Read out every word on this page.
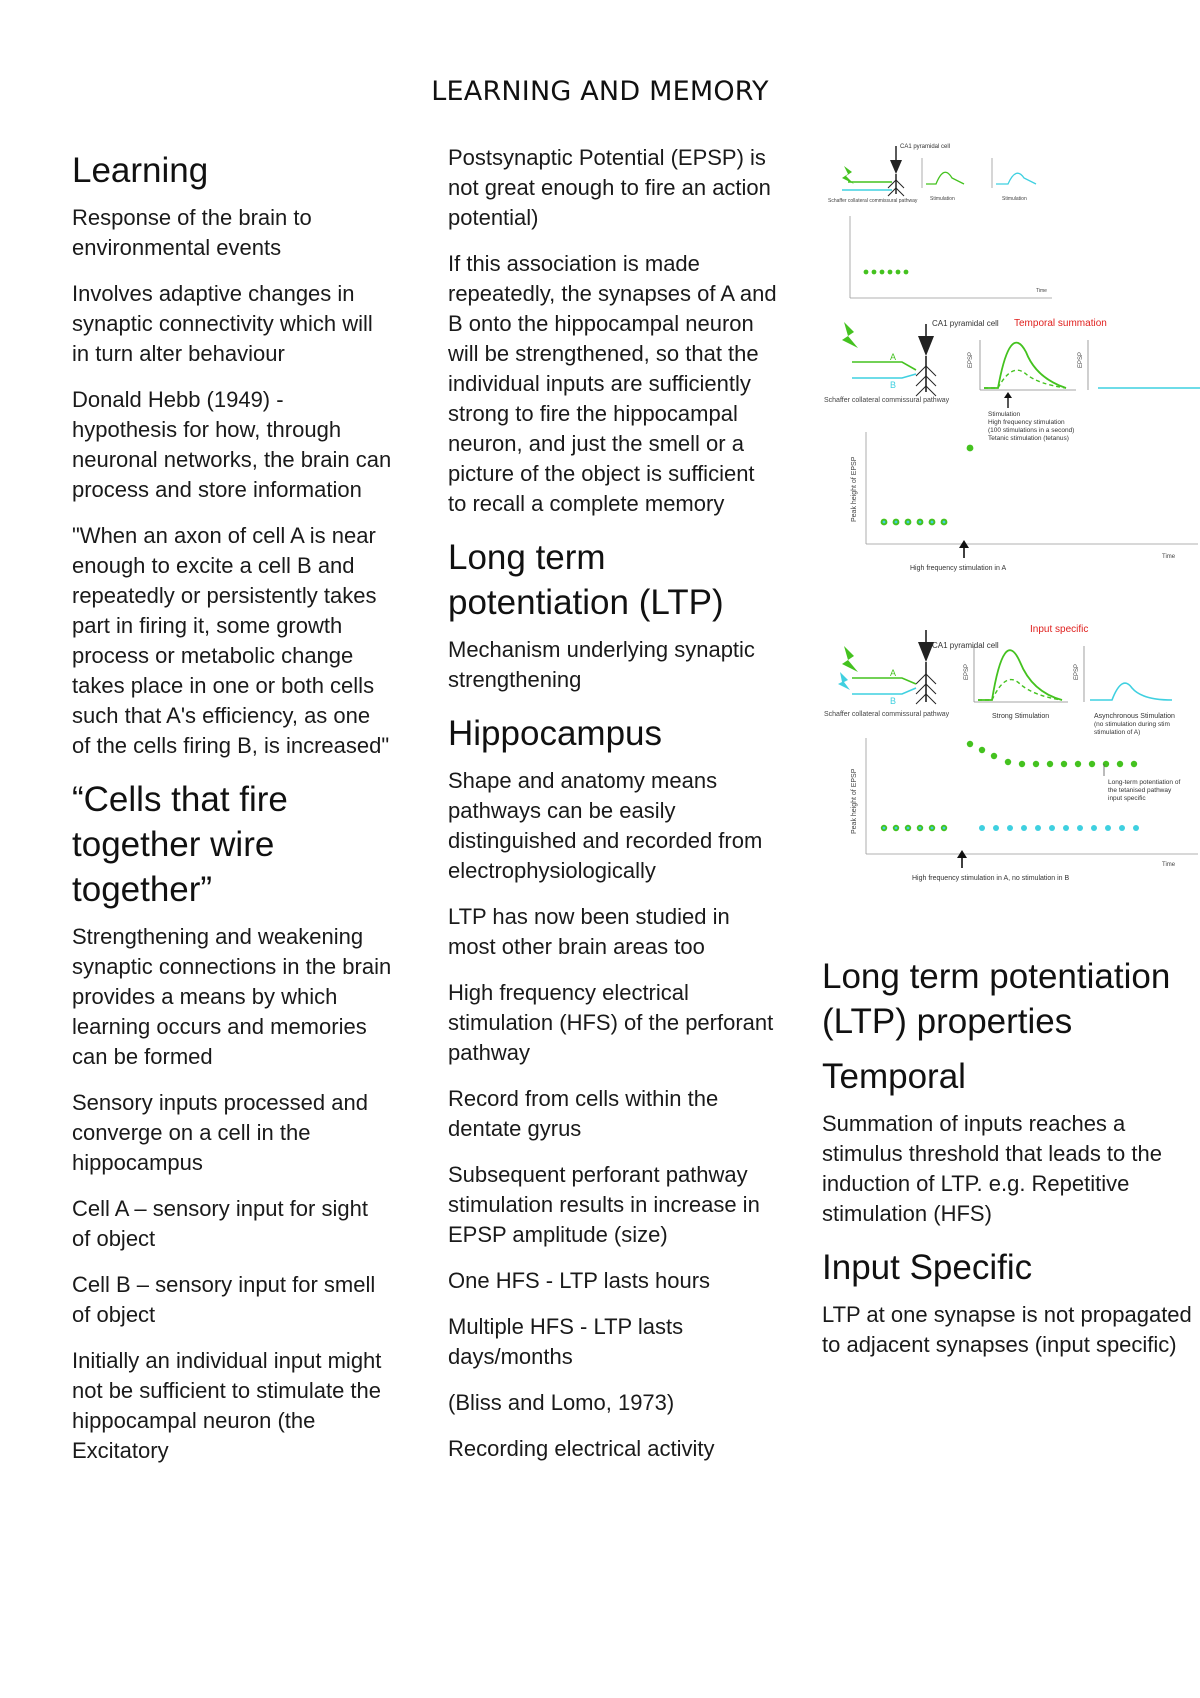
LEARNING AND MEMORY
Learning

Response of the brain to environmental events

Involves adaptive changes in synaptic connectivity which will in turn alter behaviour

Donald Hebb (1949) - hypothesis for how, through neuronal networks, the brain can process and store information

"When an axon of cell A is near enough to excite a cell B and repeatedly or persistently takes part in firing it, some growth process or metabolic change takes place in one or both cells such that A's efficiency, as one of the cells firing B, is increased"

“Cells that fire together wire together”

Strengthening and weakening synaptic connections in the brain provides a means by which learning occurs and memories can be formed

Sensory inputs processed and converge on a cell in the hippocampus

Cell A – sensory input for sight of object

Cell B – sensory input for smell of object

Initially an individual input might not be sufficient to stimulate the hippocampal neuron (the Excitatory

Postsynaptic Potential (EPSP) is not great enough to fire an action potential)

If this association is made repeatedly, the synapses of A and B onto the hippocampal neuron will be strengthened, so that the individual inputs are sufficiently strong to fire the hippocampal neuron, and just the smell or a picture of the object is sufficient to recall a complete memory

Long term potentiation (LTP)

Mechanism underlying synaptic strengthening

Hippocampus

Shape and anatomy means pathways can be easily distinguished and recorded from electrophysiologically

LTP has now been studied in most other brain areas too

High frequency electrical stimulation (HFS) of the perforant pathway

Record from cells within the dentate gyrus

Subsequent perforant pathway stimulation results in increase in EPSP amplitude (size)

One HFS - LTP lasts hours

Multiple HFS - LTP lasts days/months

(Bliss and Lomo, 1973)

Recording electrical activity

CA1 pyramidal cell
Schaffer collateral commissural pathway	Stimulation	Stimulation
Time
Temporal summation
CA1 pyramidal cell
A
B
Schaffer collateral commissural pathway
EPSP	EPSP
Stimulation
High frequency stimulation
(100 stimulations in a second)
Tetanic stimulation (tetanus)
Peak height of EPSP
High frequency stimulation in A
Time
Input specific
CA1 pyramidal cell
A
B
Schaffer collateral commissural pathway
EPSP
Strong Stimulation
EPSP
Asynchronous Stimulation
(no stimulation during stim
stimulation of A)
Peak height of EPSP	Long-term potentiation of
the tetanised pathway
input specific
High frequency stimulation in A, no stimulation in B
Time
Long term potentiation (LTP) properties
Temporal

Summation of inputs reaches a stimulus threshold that leads to the induction of LTP. e.g. Repetitive stimulation (HFS)

Input Specific

LTP at one synapse is not propagated to adjacent synapses (input specific)
